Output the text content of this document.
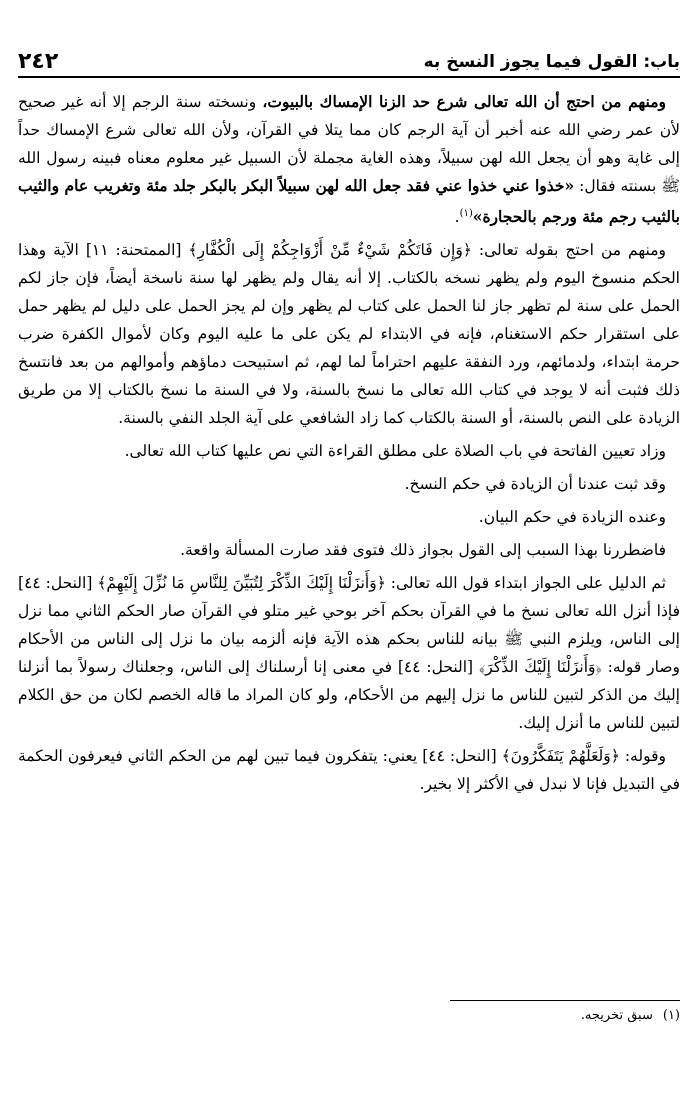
باب: القول فيما يجوز النسخ به
٢٤٢

ومنهم من احتج أن الله تعالى شرع حد الزنا الإمساك بالبيوت، ونسخته سنة الرجم إلا أنه غير صحيح لأن عمر رضي الله عنه أخبر أن آية الرجم كان مما يتلا في القرآن، ولأن الله تعالى شرع الإمساك حداً إلى غاية وهو أن يجعل الله لهن سبيلاً، وهذه الغاية مجملة لأن السبيل غير معلوم معناه فبينه رسول الله ﷺ بسنته فقال: «خذوا عني خذوا عني فقد جعل الله لهن سبيلاً البكر بالبكر جلد مئة وتغريب عام والثيب بالثيب رجم مئة ورجم بالحجارة»$^{(١)}$.

ومنهم من احتج بقوله تعالى: ﴿وَإِن فَاتَكُمْ شَيْءٌ مِّنْ أَزْوَاجِكُمْ إِلَى الْكُفَّارِ﴾ [الممتحنة: ١١] الآية وهذا الحكم منسوخ اليوم ولم يظهر نسخه بالكتاب. إلا أنه يقال ولم يظهر لها سنة ناسخة أيضاً، فإن جاز لكم الحمل على سنة لم تظهر جاز لنا الحمل على كتاب لم يظهر وإن لم يجز الحمل على دليل لم يظهر حمل على استقرار حكم الاستغنام، فإنه في الابتداء لم يكن على ما عليه اليوم وكان لأموال الكفرة ضرب حرمة ابتداء، ولدمائهم، ورد النفقة عليهم احتراماً لما لهم، ثم استبيحت دماؤهم وأموالهم من بعد فانتسخ ذلك فثبت أنه لا يوجد في كتاب الله تعالى ما نسخ بالسنة، ولا في السنة ما نسخ بالكتاب إلا من طريق الزيادة على النص بالسنة، أو السنة بالكتاب كما زاد الشافعي على آية الجلد النفي بالسنة.

وزاد تعيين الفاتحة في باب الصلاة على مطلق القراءة التي نص عليها كتاب الله تعالى.

وقد ثبت عندنا أن الزيادة في حكم النسخ.

وعنده الزيادة في حكم البيان.

فاضطررنا بهذا السبب إلى القول بجواز ذلك فتوى فقد صارت المسألة واقعة.

ثم الدليل على الجواز ابتداء قول الله تعالى: ﴿وَأَنزَلْنَا إِلَيْكَ الذِّكْرَ لِتُبَيِّنَ لِلنَّاسِ مَا نُزِّلَ إِلَيْهِمْ﴾ [النحل: ٤٤] فإذا أنزل الله تعالى نسخ ما في القرآن بحكم آخر بوحي غير متلو في القرآن صار الحكم الثاني مما نزل إلى الناس، ويلزم النبي ﷺ بيانه للناس بحكم هذه الآية فإنه ألزمه بيان ما نزل إلى الناس من الأحكام وصار قوله: ﴿وَأَنزَلْنَا إِلَيْكَ الذِّكْرَ﴾ [النحل: ٤٤] في معنى إنا أرسلناك إلى الناس، وجعلناك رسولاً بما أنزلنا إليك من الذكر لتبين للناس ما نزل إليهم من الأحكام، ولو كان المراد ما قاله الخصم لكان من حق الكلام لتبين للناس ما أنزل إليك.

وقوله: ﴿وَلَعَلَّهُمْ يَتَفَكَّرُونَ﴾ [النحل: ٤٤] يعني: يتفكرون فيما تبين لهم من الحكم الثاني فيعرفون الحكمة في التبديل فإنا لا نبدل في الأكثر إلا بخير.

(١)سبق تخريجه.
